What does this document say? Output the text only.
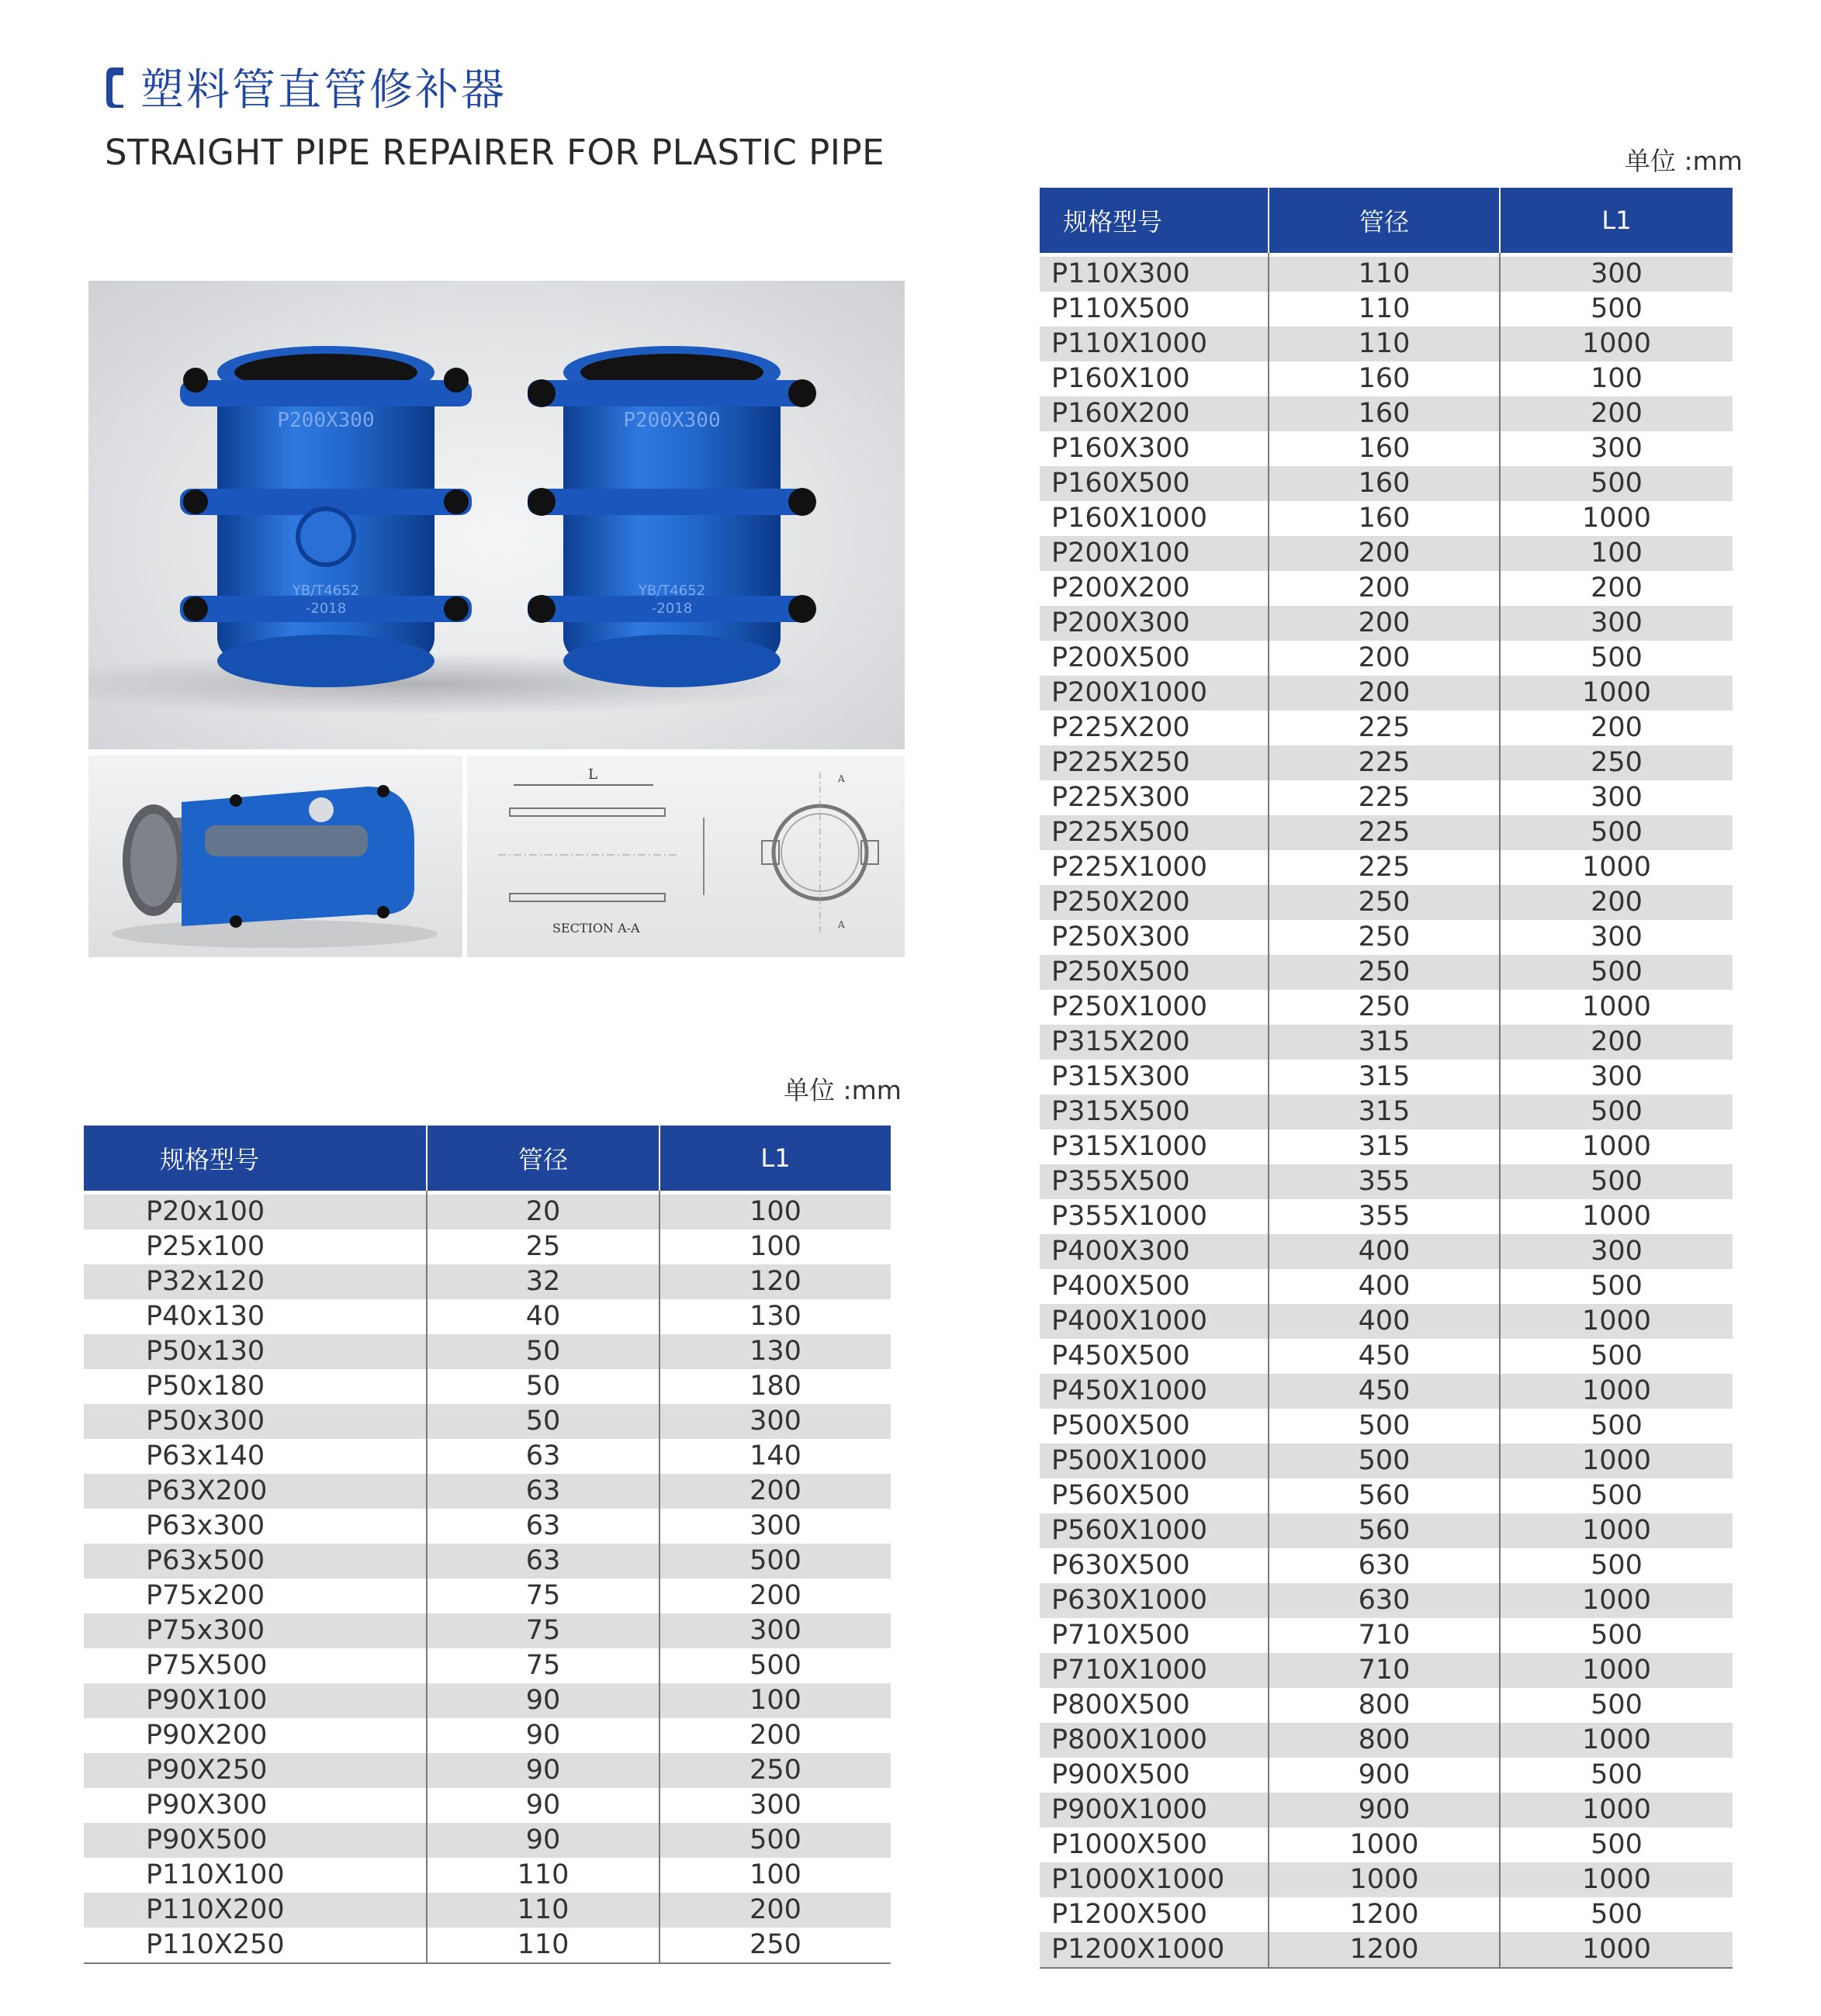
塑料管直管修补器
STRAIGHT PIPE REPAIRER FOR PLASTIC PIPE
P200X300
YB/T4652
-2018
P200X300
YB/T4652
-2018
L
SECTION A-A
A
A
单位 :mm
单位 :mm
规格型号	管径	L1

P20x100	20	100
P25x100	25	100
P32x120	32	120
P40x130	40	130
P50x130	50	130
P50x180	50	180
P50x300	50	300
P63x140	63	140
P63X200	63	200
P63x300	63	300
P63x500	63	500
P75x200	75	200
P75x300	75	300
P75X500	75	500
P90X100	90	100
P90X200	90	200
P90X250	90	250
P90X300	90	300
P90X500	90	500
P110X100	110	100
P110X200	110	200
P110X250	110	250
规格型号	管径	L1

P110X300	110	300
P110X500	110	500
P110X1000	110	1000
P160X100	160	100
P160X200	160	200
P160X300	160	300
P160X500	160	500
P160X1000	160	1000
P200X100	200	100
P200X200	200	200
P200X300	200	300
P200X500	200	500
P200X1000	200	1000
P225X200	225	200
P225X250	225	250
P225X300	225	300
P225X500	225	500
P225X1000	225	1000
P250X200	250	200
P250X300	250	300
P250X500	250	500
P250X1000	250	1000
P315X200	315	200
P315X300	315	300
P315X500	315	500
P315X1000	315	1000
P355X500	355	500
P355X1000	355	1000
P400X300	400	300
P400X500	400	500
P400X1000	400	1000
P450X500	450	500
P450X1000	450	1000
P500X500	500	500
P500X1000	500	1000
P560X500	560	500
P560X1000	560	1000
P630X500	630	500
P630X1000	630	1000
P710X500	710	500
P710X1000	710	1000
P800X500	800	500
P800X1000	800	1000
P900X500	900	500
P900X1000	900	1000
P1000X500	1000	500
P1000X1000	1000	1000
P1200X500	1200	500
P1200X1000	1200	1000
